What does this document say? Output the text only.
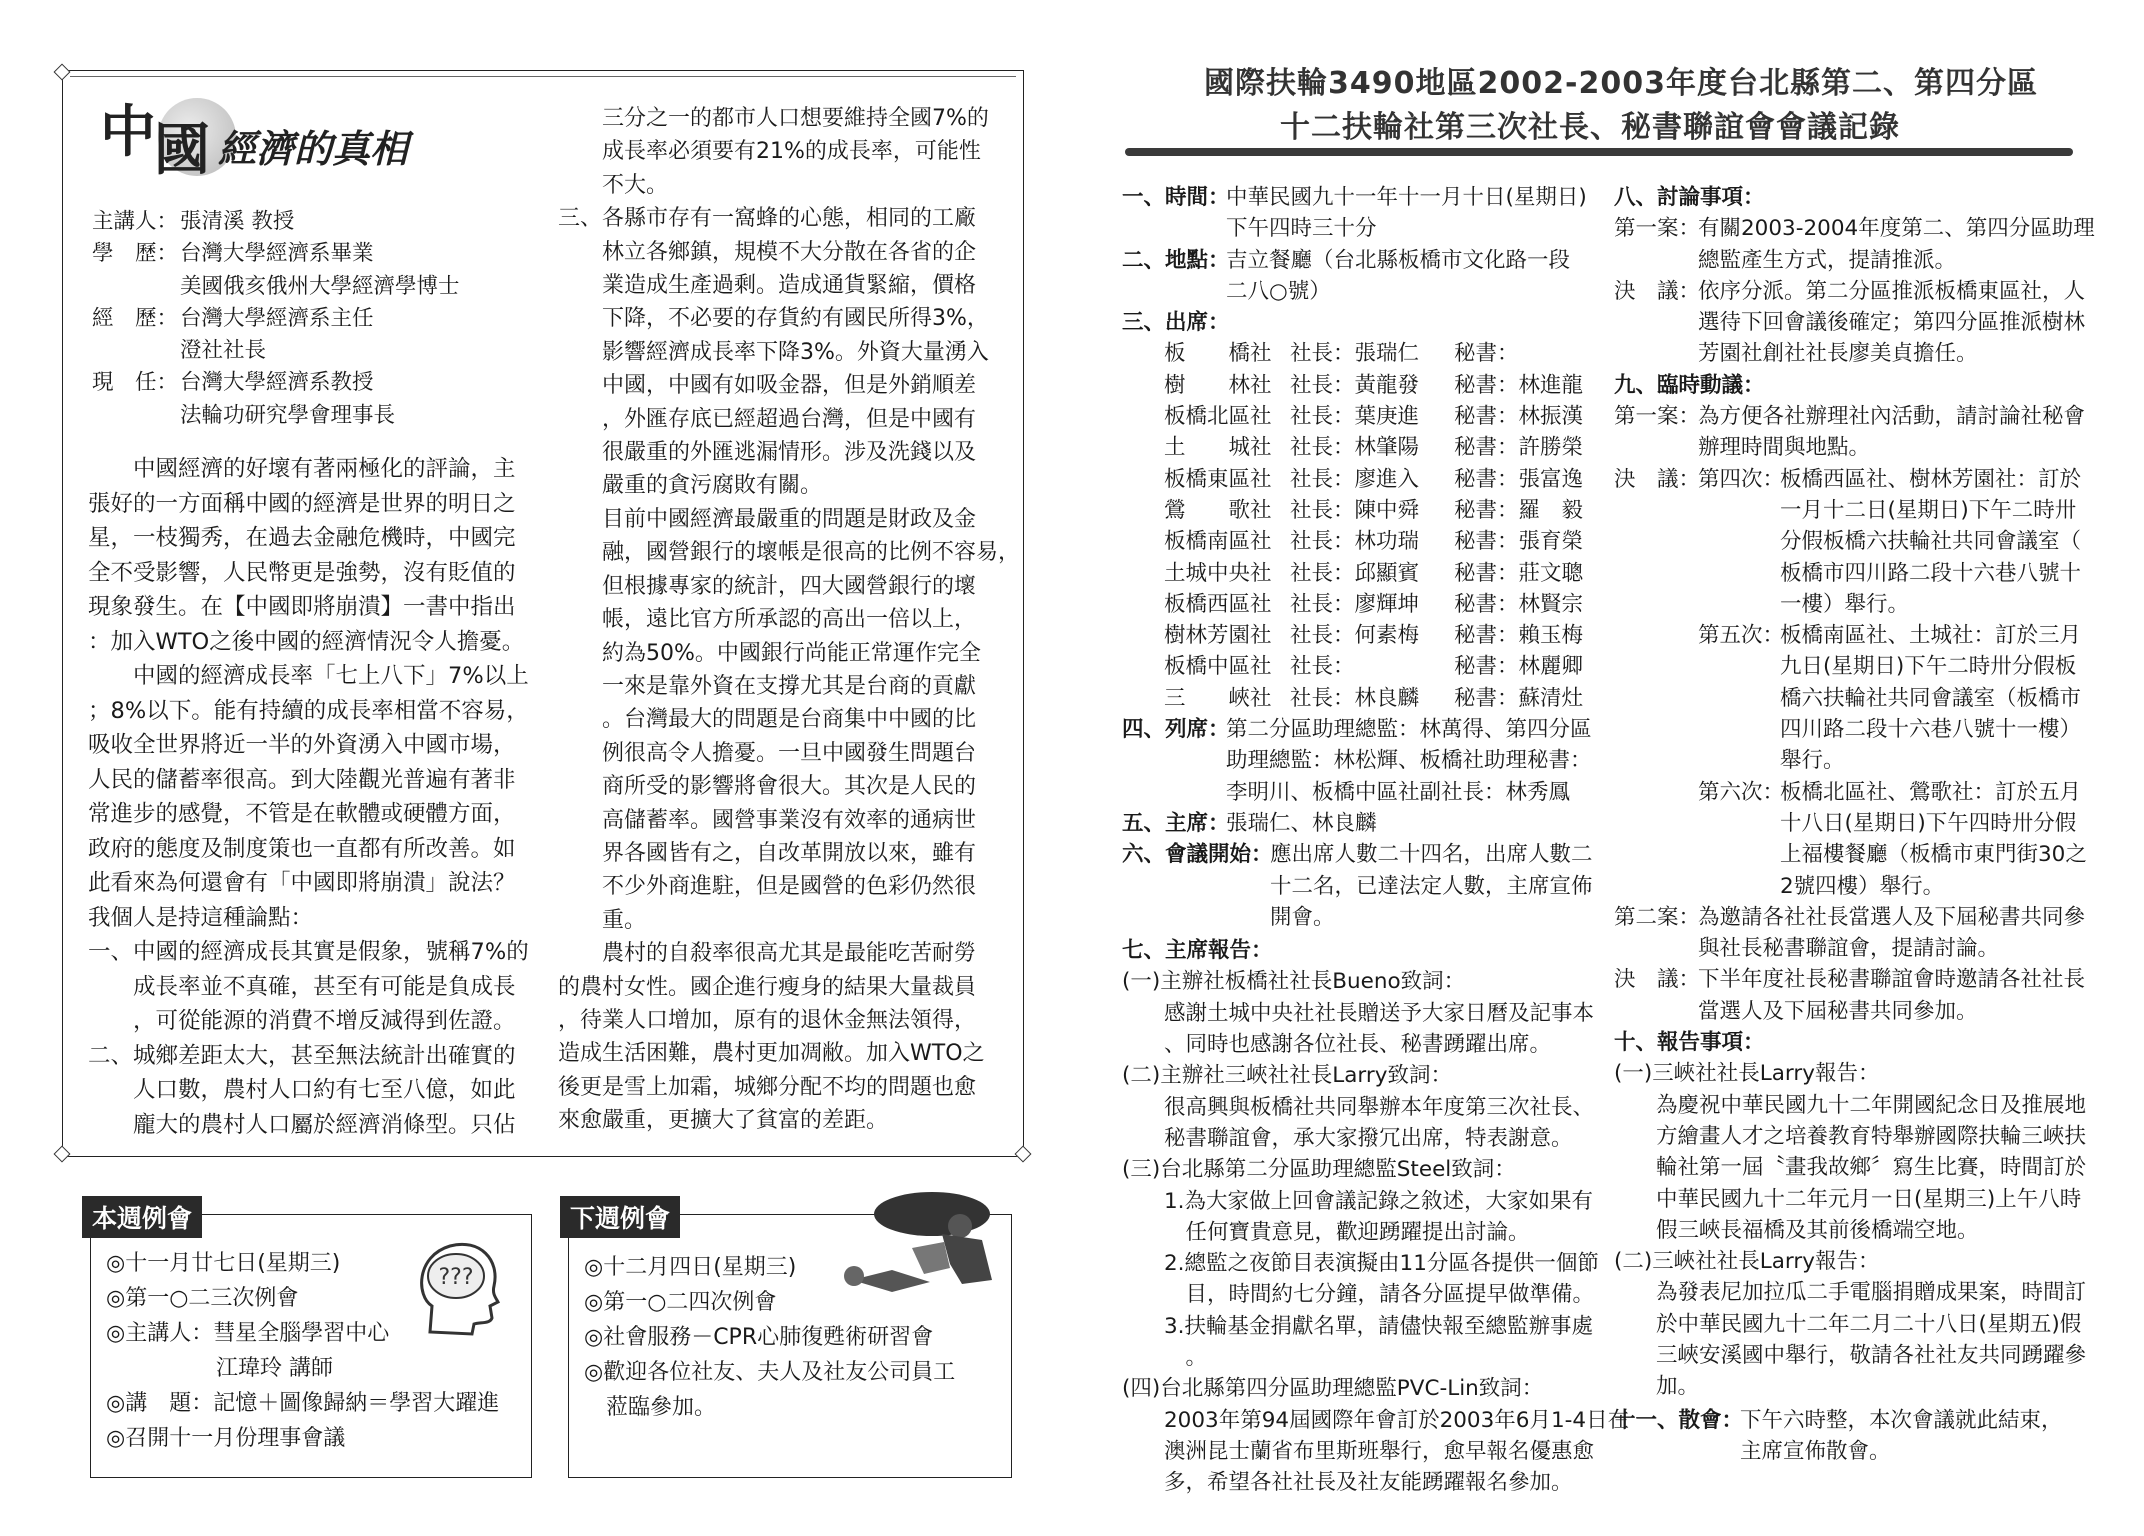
中
國 經濟的真相
主講人：張清溪 教授
學　歷：台灣大學經濟系畢業
美國俄亥俄州大學經濟學博士
經　歷：台灣大學經濟系主任
澄社社長
現　任：台灣大學經濟系教授
法輪功研究學會理事長
　　中國經濟的好壞有著兩極化的評論，主
張好的一方面稱中國的經濟是世界的明日之
星，一枝獨秀，在過去金融危機時，中國完
全不受影響，人民幣更是強勢，沒有貶值的
現象發生。在【中國即將崩潰】一書中指出
：加入WTO之後中國的經濟情況令人擔憂。
　　中國的經濟成長率「七上八下」7%以上
；8%以下。能有持續的成長率相當不容易，
吸收全世界將近一半的外資湧入中國市場，
人民的儲蓄率很高。到大陸觀光普遍有著非
常進步的感覺，不管是在軟體或硬體方面，
政府的態度及制度策也一直都有所改善。如
此看來為何還會有「中國即將崩潰」說法？
我個人是持這種論點：
一、中國的經濟成長其實是假象，號稱7%的
　　成長率並不真確，甚至有可能是負成長
　　，可從能源的消費不增反減得到佐證。
二、城鄉差距太大，甚至無法統計出確實的
　　人口數，農村人口約有七至八億，如此
　　龐大的農村人口屬於經濟消條型。只佔
　　三分之一的都市人口想要維持全國7%的
　　成長率必須要有21%的成長率，可能性
　　不大。
三、各縣市存有一窩蜂的心態，相同的工廠
　　林立各鄉鎮，規模不大分散在各省的企
　　業造成生產過剩。造成通貨緊縮，價格
　　下降，不必要的存貨約有國民所得3%，
　　影響經濟成長率下降3%。外資大量湧入
　　中國，中國有如吸金器，但是外銷順差
　　，外匯存底已經超過台灣，但是中國有
　　很嚴重的外匯逃漏情形。涉及洗錢以及
　　嚴重的貪污腐敗有關。
　　目前中國經濟最嚴重的問題是財政及金
　　融，國營銀行的壞帳是很高的比例不容易，
　　但根據專家的統計，四大國營銀行的壞
　　帳，遠比官方所承認的高出一倍以上，
　　約為50%。中國銀行尚能正常運作完全
　　一來是靠外資在支撐尤其是台商的貢獻
　　。台灣最大的問題是台商集中中國的比
　　例很高令人擔憂。一旦中國發生問題台
　　商所受的影響將會很大。其次是人民的
　　高儲蓄率。國營事業沒有效率的通病世
　　界各國皆有之，自改革開放以來，雖有
　　不少外商進駐，但是國營的色彩仍然很
　　重。
　　農村的自殺率很高尤其是最能吃苦耐勞
的農村女性。國企進行瘦身的結果大量裁員
，待業人口增加，原有的退休金無法領得，
造成生活困難，農村更加凋敝。加入WTO之
後更是雪上加霜，城鄉分配不均的問題也愈
來愈嚴重，更擴大了貧富的差距。
本週例會
◎十一月廿七日(星期三)
◎第一○二三次例會
◎主講人：彗星全腦學習中心
　　　　　江瑋玲 講師
◎講　題：記憶＋圖像歸納＝學習大躍進
◎召開十一月份理事會議
???
下週例會
◎十二月四日(星期三)
◎第一○二四次例會
◎社會服務－CPR心肺復甦術研習會
◎歡迎各位社友、夫人及社友公司員工
　蒞臨參加。
國際扶輪3490地區2002-2003年度台北縣第二、第四分區
十二扶輪社第三次社長、秘書聯誼會會議記錄
一、時間：中華民國九十一年十一月十日(星期日)
下午四時三十分
二、地點：吉立餐廳（台北縣板橋市文化路一段
二八○號）
三、出席：
板　　橋社	社長：張瑞仁	秘書：
樹　　林社	社長：黃龍發	秘書：林進龍
板橋北區社	社長：葉庚進	秘書：林振漢
土　　城社	社長：林肇陽	秘書：許勝榮
板橋東區社	社長：廖進入	秘書：張富逸
鶯　　歌社	社長：陳中舜	秘書：羅　毅
板橋南區社	社長：林功瑞	秘書：張育榮
土城中央社	社長：邱顯賓	秘書：莊文聰
板橋西區社	社長：廖輝坤	秘書：林賢宗
樹林芳園社	社長：何素梅	秘書：賴玉梅
板橋中區社	社長：	秘書：林麗卿
三　　峽社	社長：林良麟	秘書：蘇清灶
四、列席：第二分區助理總監：林萬得、第四分區
助理總監：林松輝、板橋社助理秘書：
李明川、板橋中區社副社長：林秀鳳
五、主席：張瑞仁、林良麟
六、會議開始：應出席人數二十四名，出席人數二
十二名，已達法定人數，主席宣佈
開會。
七、主席報告：
(一)主辦社板橋社社長Bueno致詞：
感謝土城中央社社長贈送予大家日曆及記事本
、同時也感謝各位社長、秘書踴躍出席。
(二)主辦社三峽社社長Larry致詞：
很高興與板橋社共同舉辦本年度第三次社長、
秘書聯誼會，承大家撥冗出席，特表謝意。
(三)台北縣第二分區助理總監Steel致詞：
1.為大家做上回會議記錄之敘述，大家如果有
　任何寶貴意見，歡迎踴躍提出討論。
2.總監之夜節目表演擬由11分區各提供一個節
　目，時間約七分鐘，請各分區提早做準備。
3.扶輪基金捐獻名單，請儘快報至總監辦事處
　。
(四)台北縣第四分區助理總監PVC-Lin致詞：
2003年第94屆國際年會訂於2003年6月1-4日在
澳洲昆士蘭省布里斯班舉行，愈早報名優惠愈
多，希望各社社長及社友能踴躍報名參加。
八、討論事項：
第一案：有關2003-2004年度第二、第四分區助理
總監產生方式，提請推派。
決　議：依序分派。第二分區推派板橋東區社，人
選待下回會議後確定；第四分區推派樹林
芳園社創社社長廖美貞擔任。
九、臨時動議：
第一案：為方便各社辦理社內活動，請討論社秘會
辦理時間與地點。
決　議：第四次：板橋西區社、樹林芳園社：訂於
一月十二日(星期日)下午二時卅
分假板橋六扶輪社共同會議室（
板橋市四川路二段十六巷八號十
一樓）舉行。
第五次：板橋南區社、土城社：訂於三月
九日(星期日)下午二時卅分假板
橋六扶輪社共同會議室（板橋市
四川路二段十六巷八號十一樓）
舉行。
第六次：板橋北區社、鶯歌社：訂於五月
十八日(星期日)下午四時卅分假
上福樓餐廳（板橋市東門街30之
2號四樓）舉行。
第二案：為邀請各社社長當選人及下屆秘書共同參
與社長秘書聯誼會，提請討論。
決　議：下半年度社長秘書聯誼會時邀請各社社長
當選人及下屆秘書共同參加。
十、報告事項：
(一)三峽社社長Larry報告：
為慶祝中華民國九十二年開國紀念日及推展地
方繪畫人才之培養教育特舉辦國際扶輪三峽扶
輪社第一屆〝畫我故鄉〞寫生比賽，時間訂於
中華民國九十二年元月一日(星期三)上午八時
假三峽長福橋及其前後橋端空地。
(二)三峽社社長Larry報告：
為發表尼加拉瓜二手電腦捐贈成果案，時間訂
於中華民國九十二年二月二十八日(星期五)假
三峽安溪國中舉行，敬請各社社友共同踴躍參
加。
十一、散會：下午六時整，本次會議就此結束，
主席宣佈散會。
